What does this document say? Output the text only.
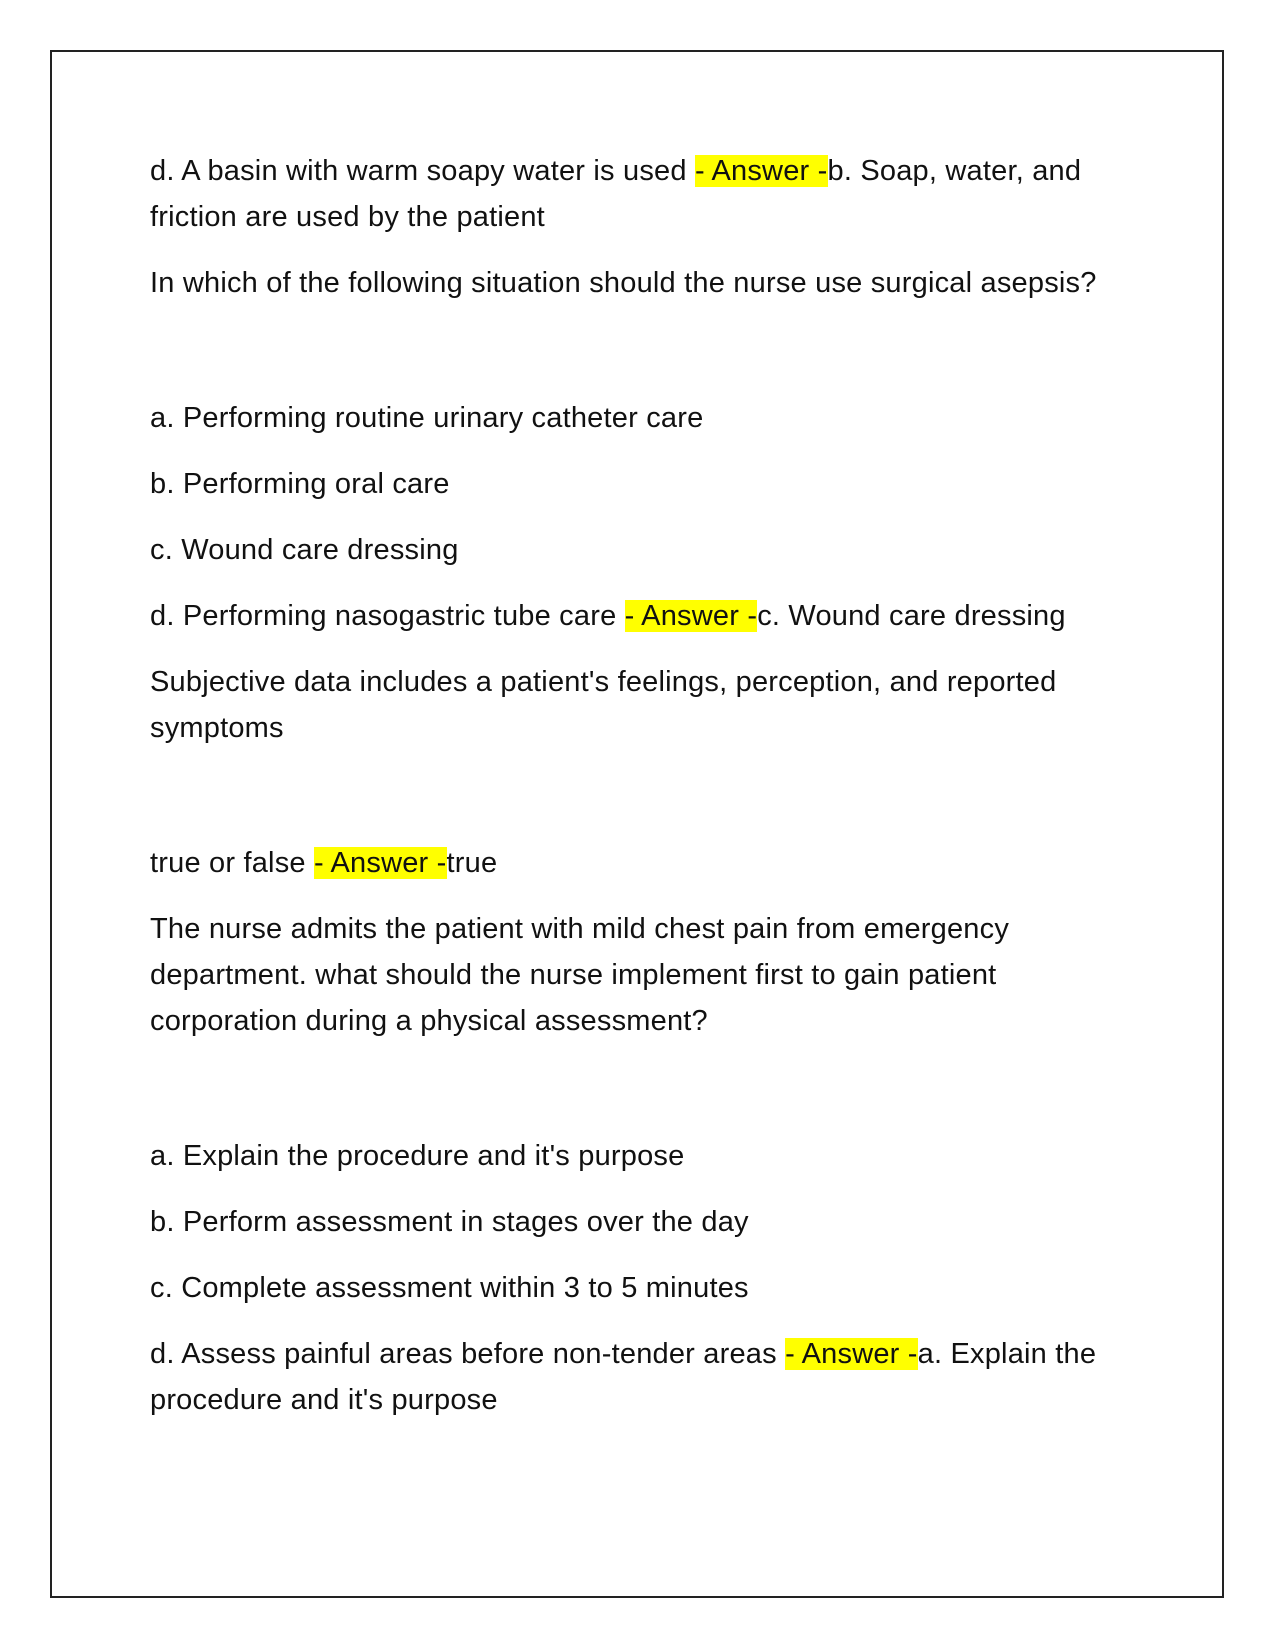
d. A basin with warm soapy water is used - Answer -b. Soap, water, and friction are used by the patient

In which of the following situation should the nurse use surgical asepsis?

a. Performing routine urinary catheter care

b. Performing oral care

c. Wound care dressing

d. Performing nasogastric tube care - Answer -c. Wound care dressing

Subjective data includes a patient's feelings, perception, and reported symptoms

true or false - Answer -true

The nurse admits the patient with mild chest pain from emergency department. what should the nurse implement first to gain patient corporation during a physical assessment?

a. Explain the procedure and it's purpose

b. Perform assessment in stages over the day

c. Complete assessment within 3 to 5 minutes

d. Assess painful areas before non-tender areas - Answer -a. Explain the procedure and it's purpose
